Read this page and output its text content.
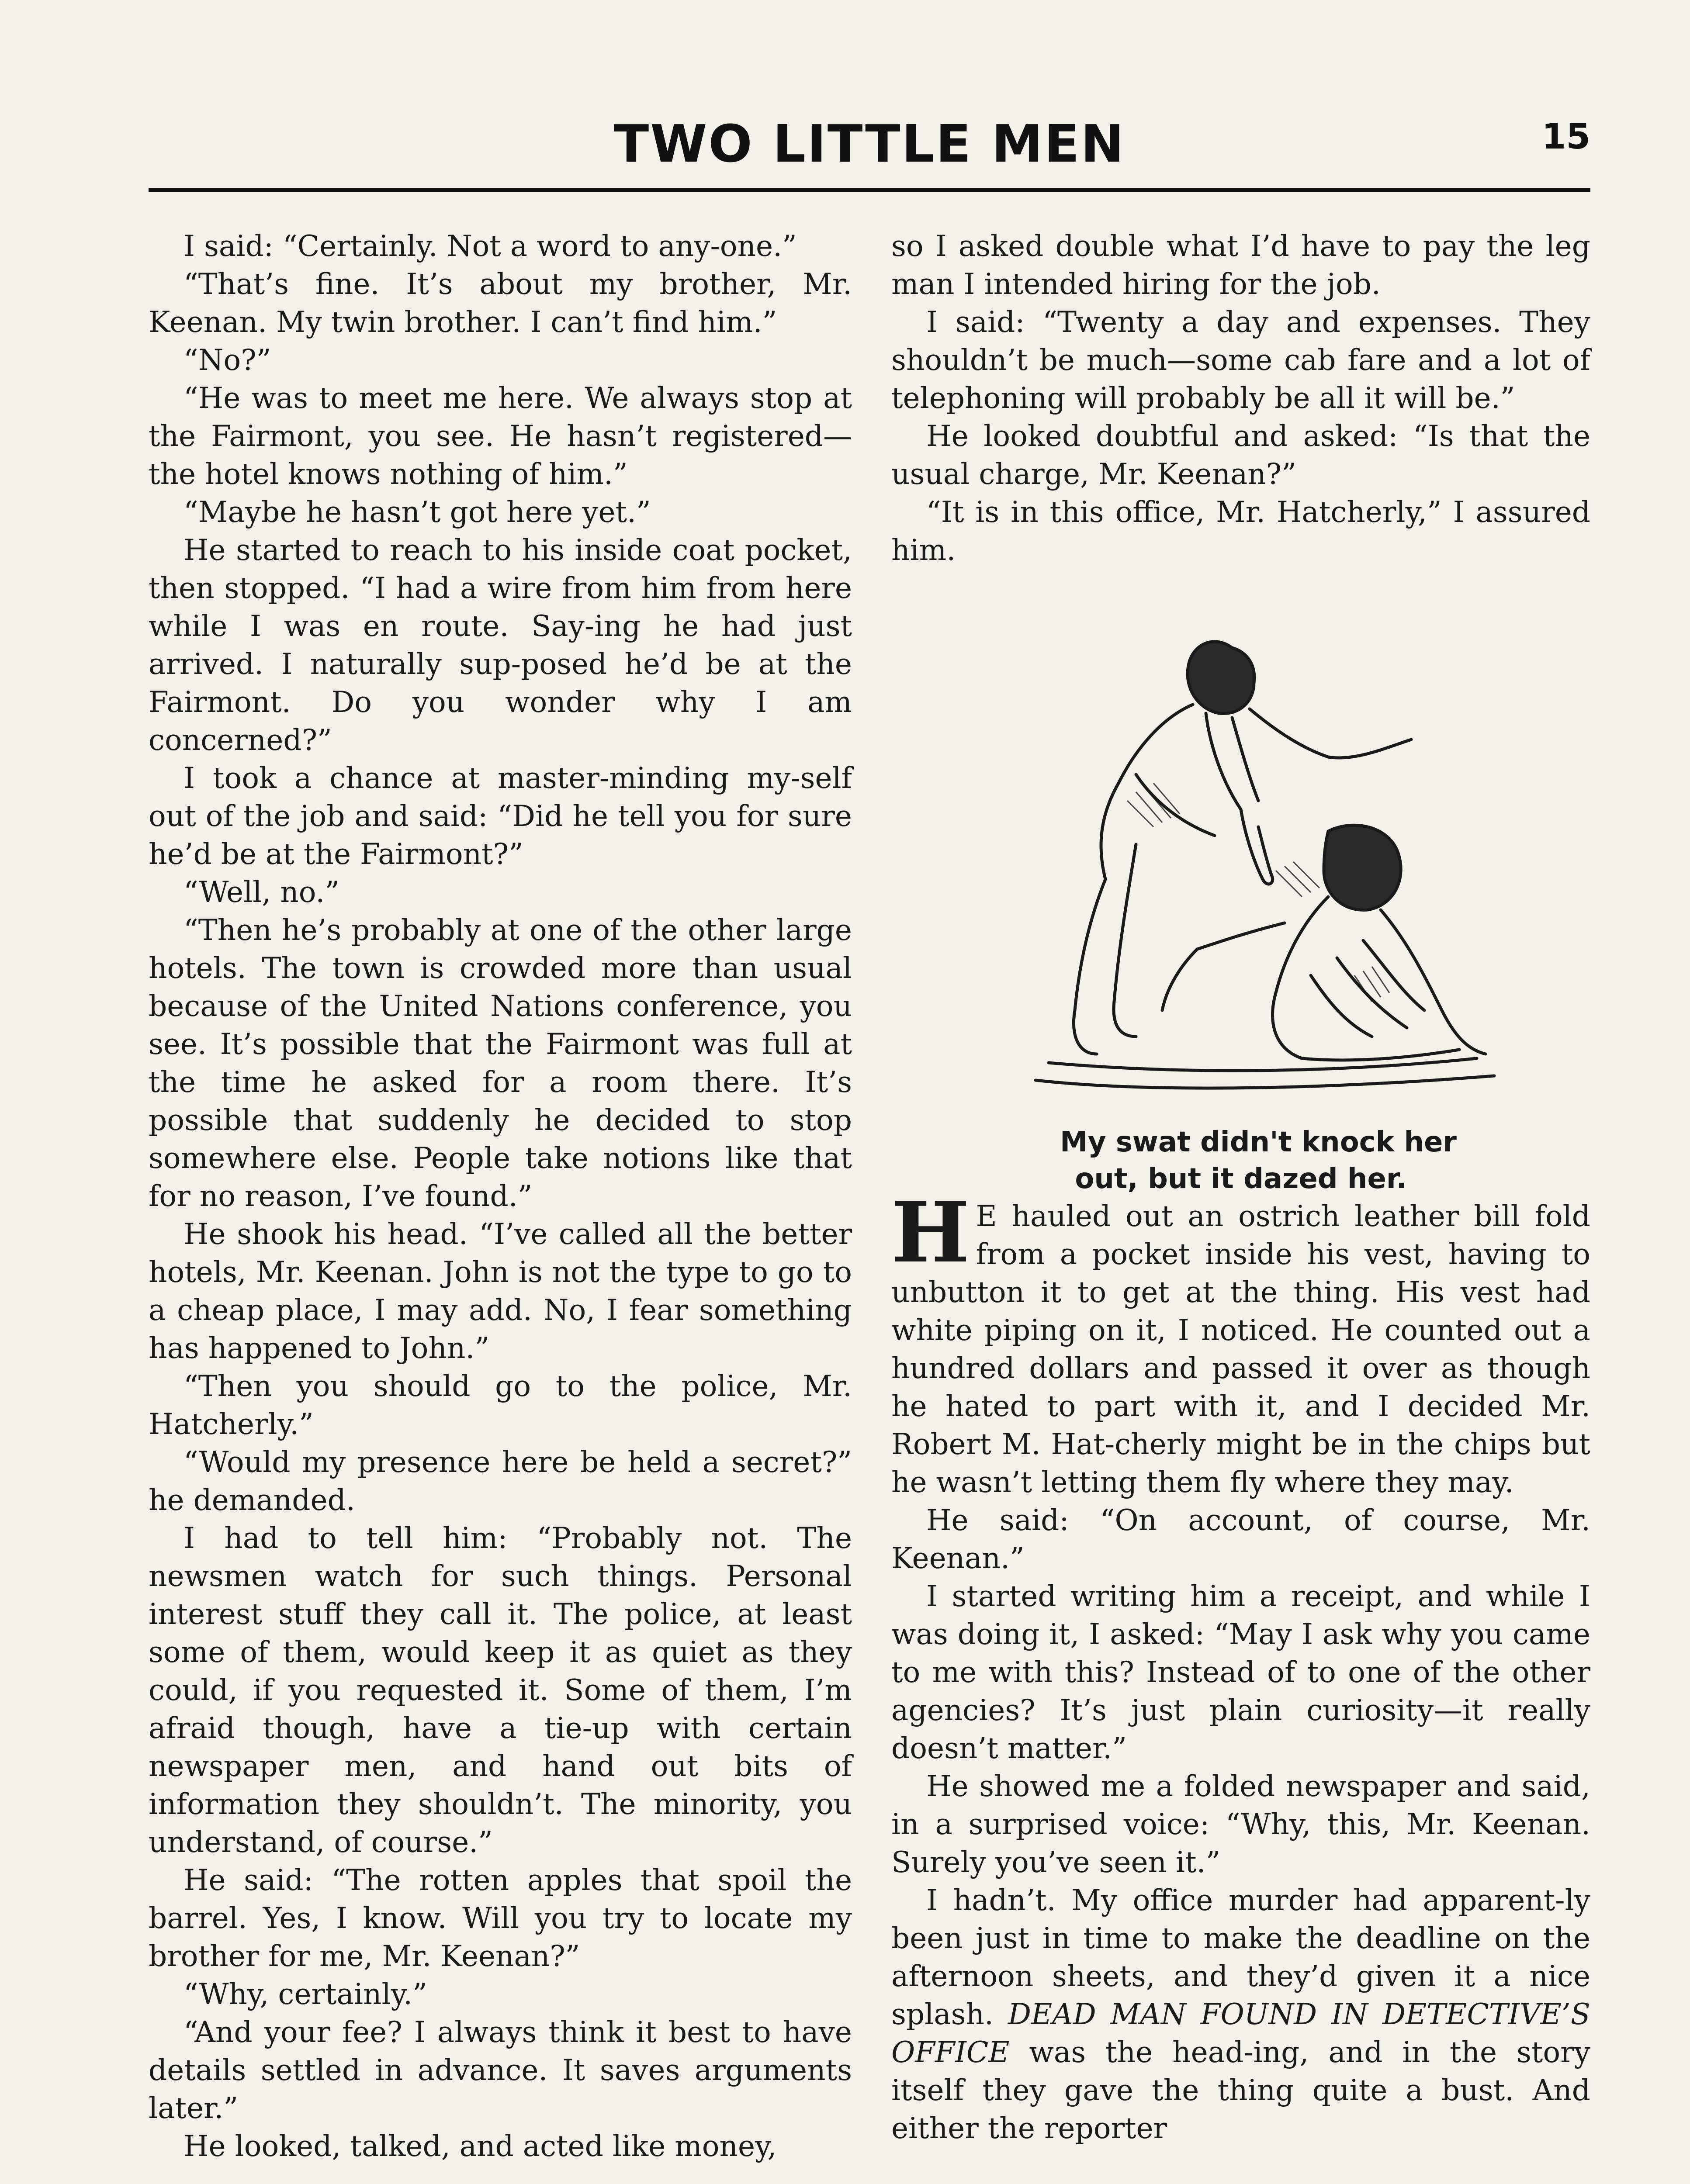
TWO LITTLE MEN	15

I said: “Certainly. Not a word to any-one.”

“That’s fine. It’s about my brother, Mr. Keenan. My twin brother. I can’t find him.”

“No?”

“He was to meet me here. We always stop at the Fairmont, you see. He hasn’t registered—the hotel knows nothing of him.”

“Maybe he hasn’t got here yet.”

He started to reach to his inside coat pocket, then stopped. “I had a wire from him from here while I was en route. Say-ing he had just arrived. I naturally sup-posed he’d be at the Fairmont. Do you wonder why I am concerned?”

I took a chance at master-minding my-self out of the job and said: “Did he tell you for sure he’d be at the Fairmont?”

“Well, no.”

“Then he’s probably at one of the other large hotels. The town is crowded more than usual because of the United Nations conference, you see. It’s possible that the Fairmont was full at the time he asked for a room there. It’s possible that suddenly he decided to stop somewhere else. People take notions like that for no reason, I’ve found.”

He shook his head. “I’ve called all the better hotels, Mr. Keenan. John is not the type to go to a cheap place, I may add. No, I fear something has happened to John.”

“Then you should go to the police, Mr. Hatcherly.”

“Would my presence here be held a secret?” he demanded.

I had to tell him: “Probably not. The newsmen watch for such things. Personal interest stuff they call it. The police, at least some of them, would keep it as quiet as they could, if you requested it. Some of them, I’m afraid though, have a tie-up with certain newspaper men, and hand out bits of information they shouldn’t. The minority, you understand, of course.”

He said: “The rotten apples that spoil the barrel. Yes, I know. Will you try to locate my brother for me, Mr. Keenan?”

“Why, certainly.”

“And your fee? I always think it best to have details settled in advance. It saves arguments later.”

He looked, talked, and acted like money,

so I asked double what I’d have to pay the leg man I intended hiring for the job.

I said: “Twenty a day and expenses. They shouldn’t be much—some cab fare and a lot of telephoning will probably be all it will be.”

He looked doubtful and asked: “Is that the usual charge, Mr. Keenan?”

“It is in this office, Mr. Hatcherly,” I assured him.

My swat didn't knock her
out, but it dazed her.

H E hauled out an ostrich leather bill fold from a pocket inside his vest, having to unbutton it to get at the thing. His vest had white piping on it, I noticed. He counted out a hundred dollars and passed it over as though he hated to part with it, and I decided Mr. Robert M. Hat-cherly might be in the chips but he wasn’t letting them fly where they may.

He said: “On account, of course, Mr. Keenan.”

I started writing him a receipt, and while I was doing it, I asked: “May I ask why you came to me with this? Instead of to one of the other agencies? It’s just plain curiosity—it really doesn’t matter.”

He showed me a folded newspaper and said, in a surprised voice: “Why, this, Mr. Keenan. Surely you’ve seen it.”

I hadn’t. My office murder had apparent-ly been just in time to make the deadline on the afternoon sheets, and they’d given it a nice splash. DEAD MAN FOUND IN DETECTIVE’S OFFICE was the head-ing, and in the story itself they gave the thing quite a bust. And either the reporter
